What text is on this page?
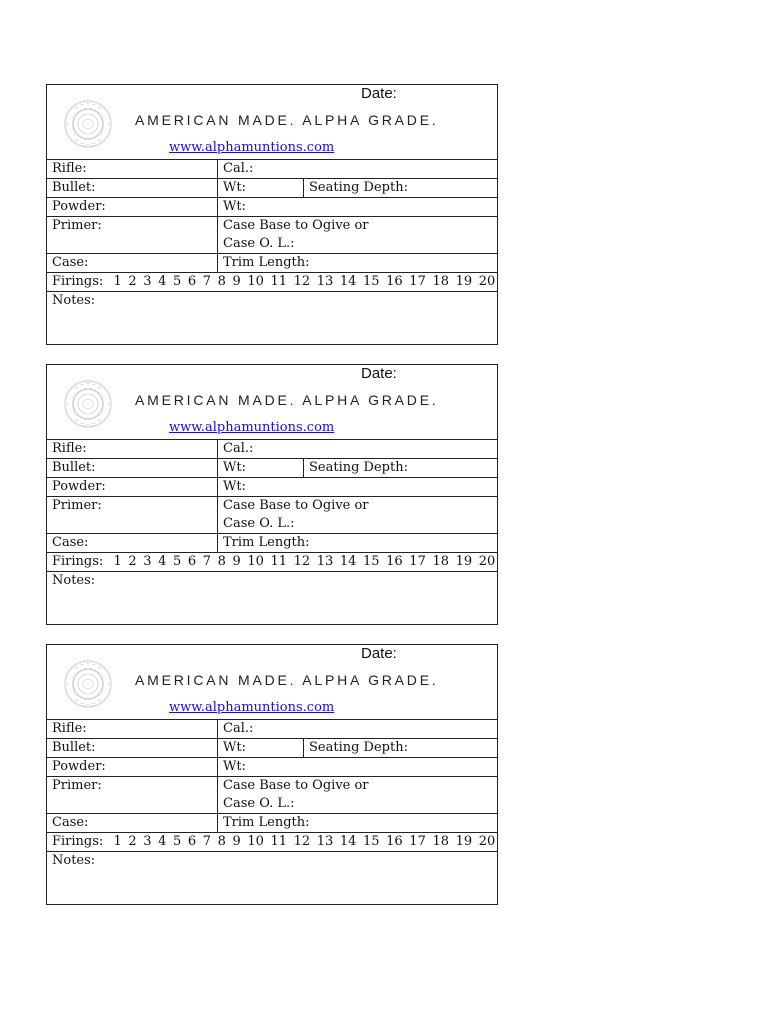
Date:
AMERICAN MADE. ALPHA GRADE.
www.alphamuntions.com
Rifle:	Cal.:
Bullet:	Wt:	Seating Depth:
Powder:	Wt:
Primer:	Case Base to Ogive or
Case O. L.:
Case:	Trim Length:
Firings: 1 2 3 4 5 6 7 8 9 10 11 12 13 14 15 16 17 18 19 20
Notes:
Date:
AMERICAN MADE. ALPHA GRADE.
www.alphamuntions.com
Rifle:	Cal.:
Bullet:	Wt:	Seating Depth:
Powder:	Wt:
Primer:	Case Base to Ogive or
Case O. L.:
Case:	Trim Length:
Firings: 1 2 3 4 5 6 7 8 9 10 11 12 13 14 15 16 17 18 19 20
Notes:
Date:
AMERICAN MADE. ALPHA GRADE.
www.alphamuntions.com
Rifle:	Cal.:
Bullet:	Wt:	Seating Depth:
Powder:	Wt:
Primer:	Case Base to Ogive or
Case O. L.:
Case:	Trim Length:
Firings: 1 2 3 4 5 6 7 8 9 10 11 12 13 14 15 16 17 18 19 20
Notes:
